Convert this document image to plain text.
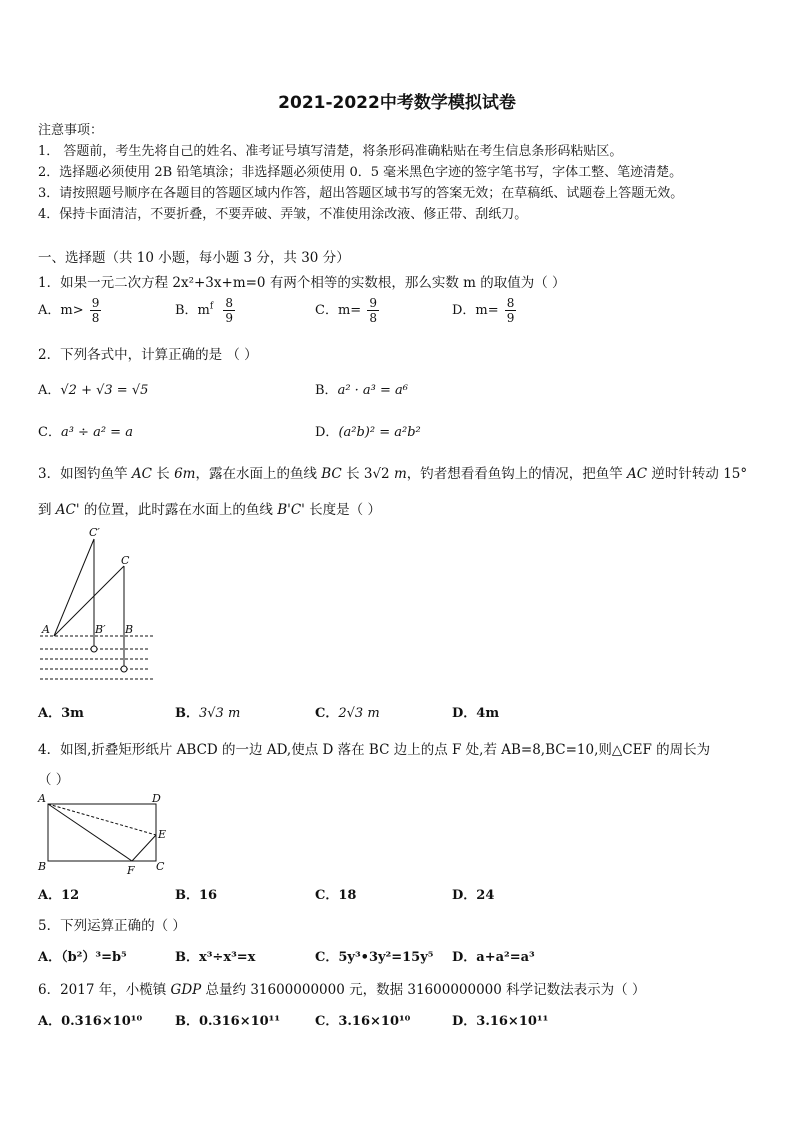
2021-2022中考数学模拟试卷
注意事项：
1． 答题前，考生先将自己的姓名、准考证号填写清楚，将条形码准确粘贴在考生信息条形码粘贴区。
2．选择题必须使用 2B 铅笔填涂；非选择题必须使用 0．5 毫米黑色字迹的签字笔书写，字体工整、笔迹清楚。
3．请按照题号顺序在各题目的答题区域内作答，超出答题区域书写的答案无效；在草稿纸、试题卷上答题无效。
4．保持卡面清洁，不要折叠，不要弄破、弄皱，不准使用涂改液、修正带、刮纸刀。
一、选择题（共 10 小题，每小题 3 分，共 30 分）
1．如果一元二次方程 2x²+3x+m=0 有两个相等的实数根，那么实数 m 的取值为（ ）
A．$m> \frac{9}{8}$	B．$m^f \frac{8}{9}$	C．$m= \frac{9}{8}$	D．$m= \frac{8}{9}$
2．下列各式中，计算正确的是 （ ）
A．√2 + √3 = √5	B．a² · a³ = a⁶
C．a³ ÷ a² = a	D．(a²b)² = a²b²
3．如图钓鱼竿 AC 长 6m，露在水面上的鱼线 BC 长 3√2 m，钓者想看看鱼钩上的情况，把鱼竿 AC 逆时针转动 15°
到 AC' 的位置，此时露在水面上的鱼线 B'C' 长度是（ ）
C′
C
A	B′ B
A．3m	B．3√3 m	C．2√3 m	D．4m
4．如图,折叠矩形纸片 ABCD 的一边 AD,使点 D 落在 BC 边上的点 F 处,若 AB=8,BC=10,则△CEF 的周长为
（ ）
A	D
E
B	F C
A．12	B．16	C．18	D．24
5．下列运算正确的（ ）
A．（b²）³=b⁵	B．x³÷x³=x	C．5y³•3y²=15y⁵ D．a+a²=a³
6．2017 年，小榄镇 GDP 总量约 31600000000 元，数据 31600000000 科学记数法表示为（ ）
A．0.316×10¹⁰	B．0.316×10¹¹	C．3.16×10¹⁰	D．3.16×10¹¹
